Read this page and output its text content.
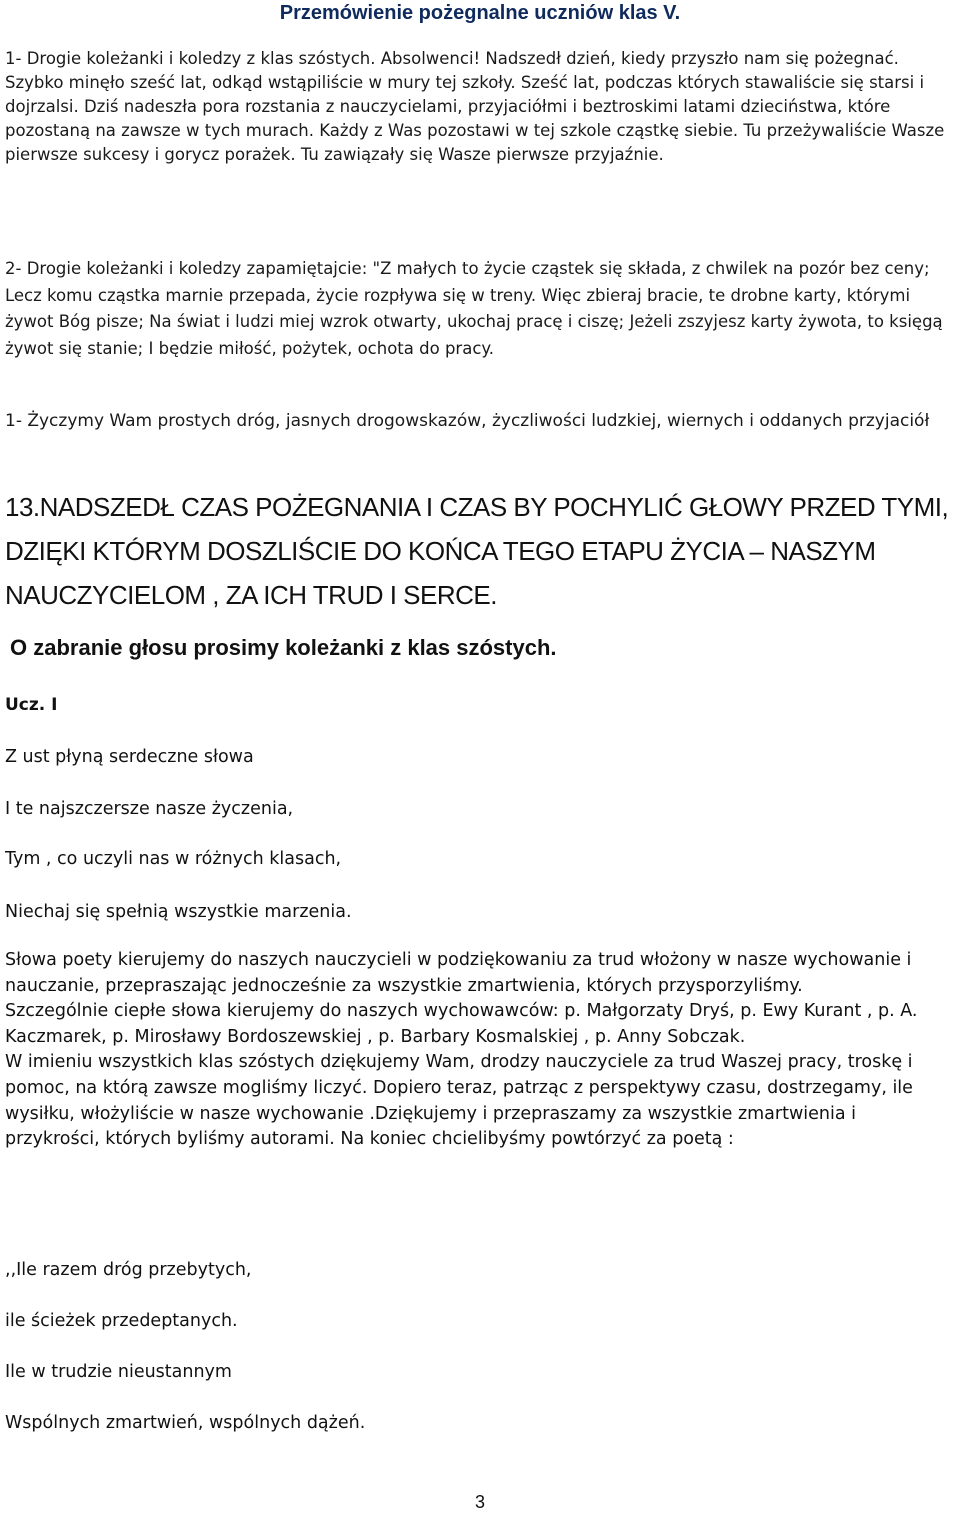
Przemówienie pożegnalne uczniów klas V.
1- Drogie koleżanki i koledzy z klas szóstych. Absolwenci! Nadszedł dzień, kiedy przyszło nam się pożegnać. Szybko minęło sześć lat, odkąd wstąpiliście w mury tej szkoły. Sześć lat, podczas których stawaliście się starsi i dojrzalsi. Dziś nadeszła pora rozstania z nauczycielami, przyjaciółmi i beztroskimi latami dzieciństwa, które pozostaną na zawsze w tych murach. Każdy z Was pozostawi w tej szkole cząstkę siebie. Tu przeżywaliście Wasze pierwsze sukcesy i gorycz porażek. Tu zawiązały się Wasze pierwsze przyjaźnie.
2- Drogie koleżanki i koledzy zapamiętajcie: "Z małych to życie cząstek się składa, z chwilek na pozór bez ceny; Lecz komu cząstka marnie przepada, życie rozpływa się w treny. Więc zbieraj bracie, te drobne karty, którymi żywot Bóg pisze; Na świat i ludzi miej wzrok otwarty, ukochaj pracę i ciszę; Jeżeli zszyjesz karty żywota, to księgą żywot się stanie; I będzie miłość, pożytek, ochota do pracy.
1- Życzymy Wam prostych dróg, jasnych drogowskazów, życzliwości ludzkiej, wiernych i oddanych przyjaciół
13.NADSZEDŁ CZAS POŻEGNANIA I CZAS BY POCHYLIĆ GŁOWY PRZED TYMI, DZIĘKI KTÓRYM DOSZLIŚCIE DO KOŃCA TEGO ETAPU ŻYCIA – NASZYM NAUCZYCIELOM , ZA ICH TRUD I SERCE.
O zabranie głosu prosimy koleżanki z klas szóstych.
Ucz. I
Z ust płyną serdeczne słowa
I te najszczersze nasze życzenia,
Tym , co uczyli nas w różnych klasach,
Niechaj się spełnią wszystkie marzenia.

Słowa poety kierujemy do naszych nauczycieli w podziękowaniu za trud włożony w nasze wychowanie i nauczanie, przepraszając jednocześnie za wszystkie zmartwienia, których przysporzyliśmy.

Szczególnie ciepłe słowa kierujemy do naszych wychowawców: p. Małgorzaty Dryś, p. Ewy Kurant , p. A. Kaczmarek, p. Mirosławy Bordoszewskiej , p. Barbary Kosmalskiej , p. Anny Sobczak.

W imieniu wszystkich klas szóstych dziękujemy Wam, drodzy nauczyciele za trud Waszej pracy, troskę i pomoc, na którą zawsze mogliśmy liczyć. Dopiero teraz, patrząc z perspektywy czasu, dostrzegamy, ile wysiłku, włożyliście w nasze wychowanie .Dziękujemy i przepraszamy za wszystkie zmartwienia i przykrości, których byliśmy autorami. Na koniec chcielibyśmy powtórzyć za poetą :

,,Ile razem dróg przebytych,
ile ścieżek przedeptanych.
Ile w trudzie nieustannym
Wspólnych zmartwień, wspólnych dążeń.
3
